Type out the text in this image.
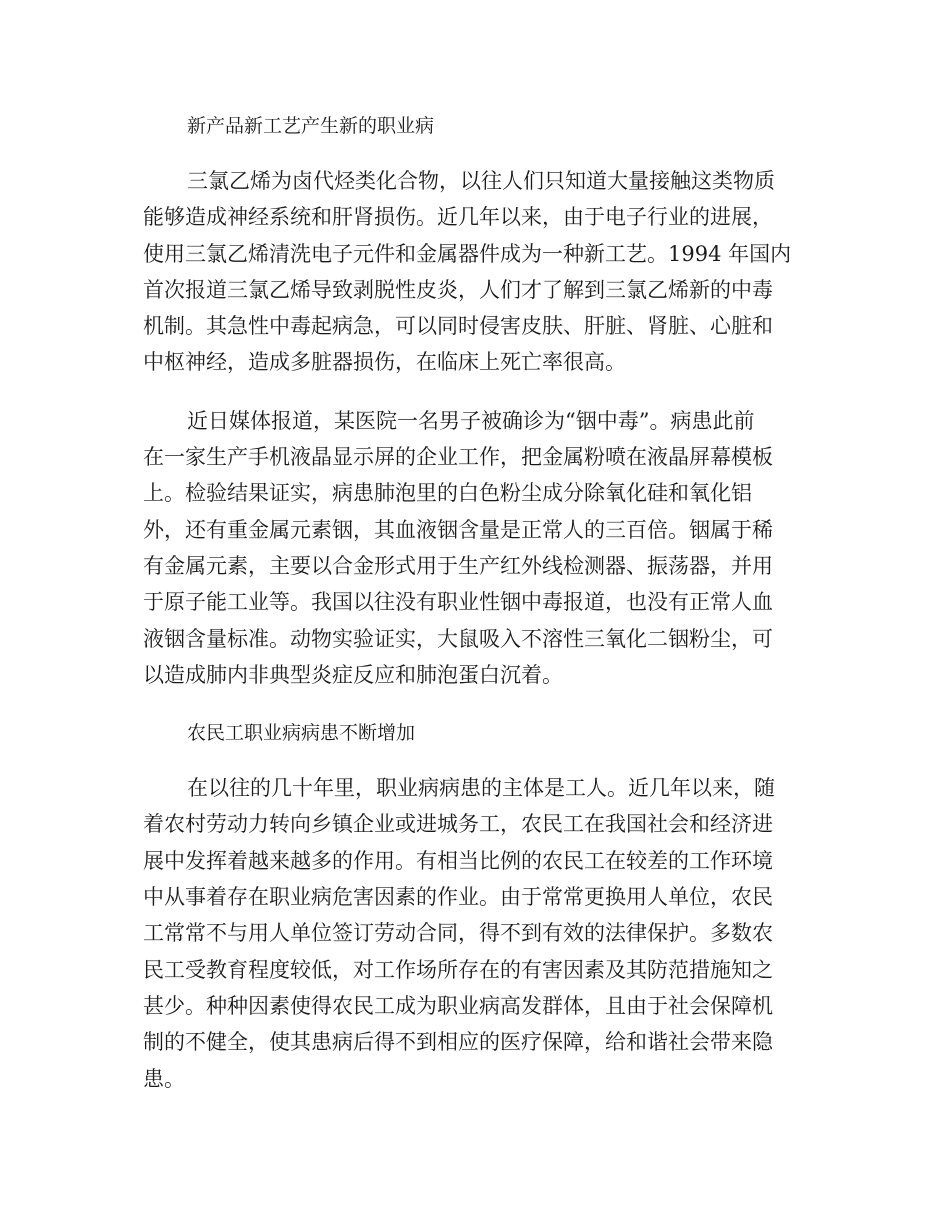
新产品新工艺产生新的职业病
三氯乙烯为卤代烃类化合物，以往人们只知道大量接触这类物质
能够造成神经系统和肝肾损伤。近几年以来，由于电子行业的进展，
使用三氯乙烯清洗电子元件和金属器件成为一种新工艺。1994 年国内
首次报道三氯乙烯导致剥脱性皮炎，人们才了解到三氯乙烯新的中毒
机制。其急性中毒起病急，可以同时侵害皮肤、肝脏、肾脏、心脏和
中枢神经，造成多脏器损伤，在临床上死亡率很高。
近日媒体报道，某医院一名男子被确诊为“铟中毒”。病患此前
在一家生产手机液晶显示屏的企业工作，把金属粉喷在液晶屏幕模板
上。检验结果证实，病患肺泡里的白色粉尘成分除氧化硅和氧化铝
外，还有重金属元素铟，其血液铟含量是正常人的三百倍。铟属于稀
有金属元素，主要以合金形式用于生产红外线检测器、振荡器，并用
于原子能工业等。我国以往没有职业性铟中毒报道，也没有正常人血
液铟含量标准。动物实验证实，大鼠吸入不溶性三氧化二铟粉尘，可
以造成肺内非典型炎症反应和肺泡蛋白沉着。
农民工职业病病患不断增加
在以往的几十年里，职业病病患的主体是工人。近几年以来，随
着农村劳动力转向乡镇企业或进城务工，农民工在我国社会和经济进
展中发挥着越来越多的作用。有相当比例的农民工在较差的工作环境
中从事着存在职业病危害因素的作业。由于常常更换用人单位，农民
工常常不与用人单位签订劳动合同，得不到有效的法律保护。多数农
民工受教育程度较低，对工作场所存在的有害因素及其防范措施知之
甚少。种种因素使得农民工成为职业病高发群体，且由于社会保障机
制的不健全，使其患病后得不到相应的医疗保障，给和谐社会带来隐
患。
